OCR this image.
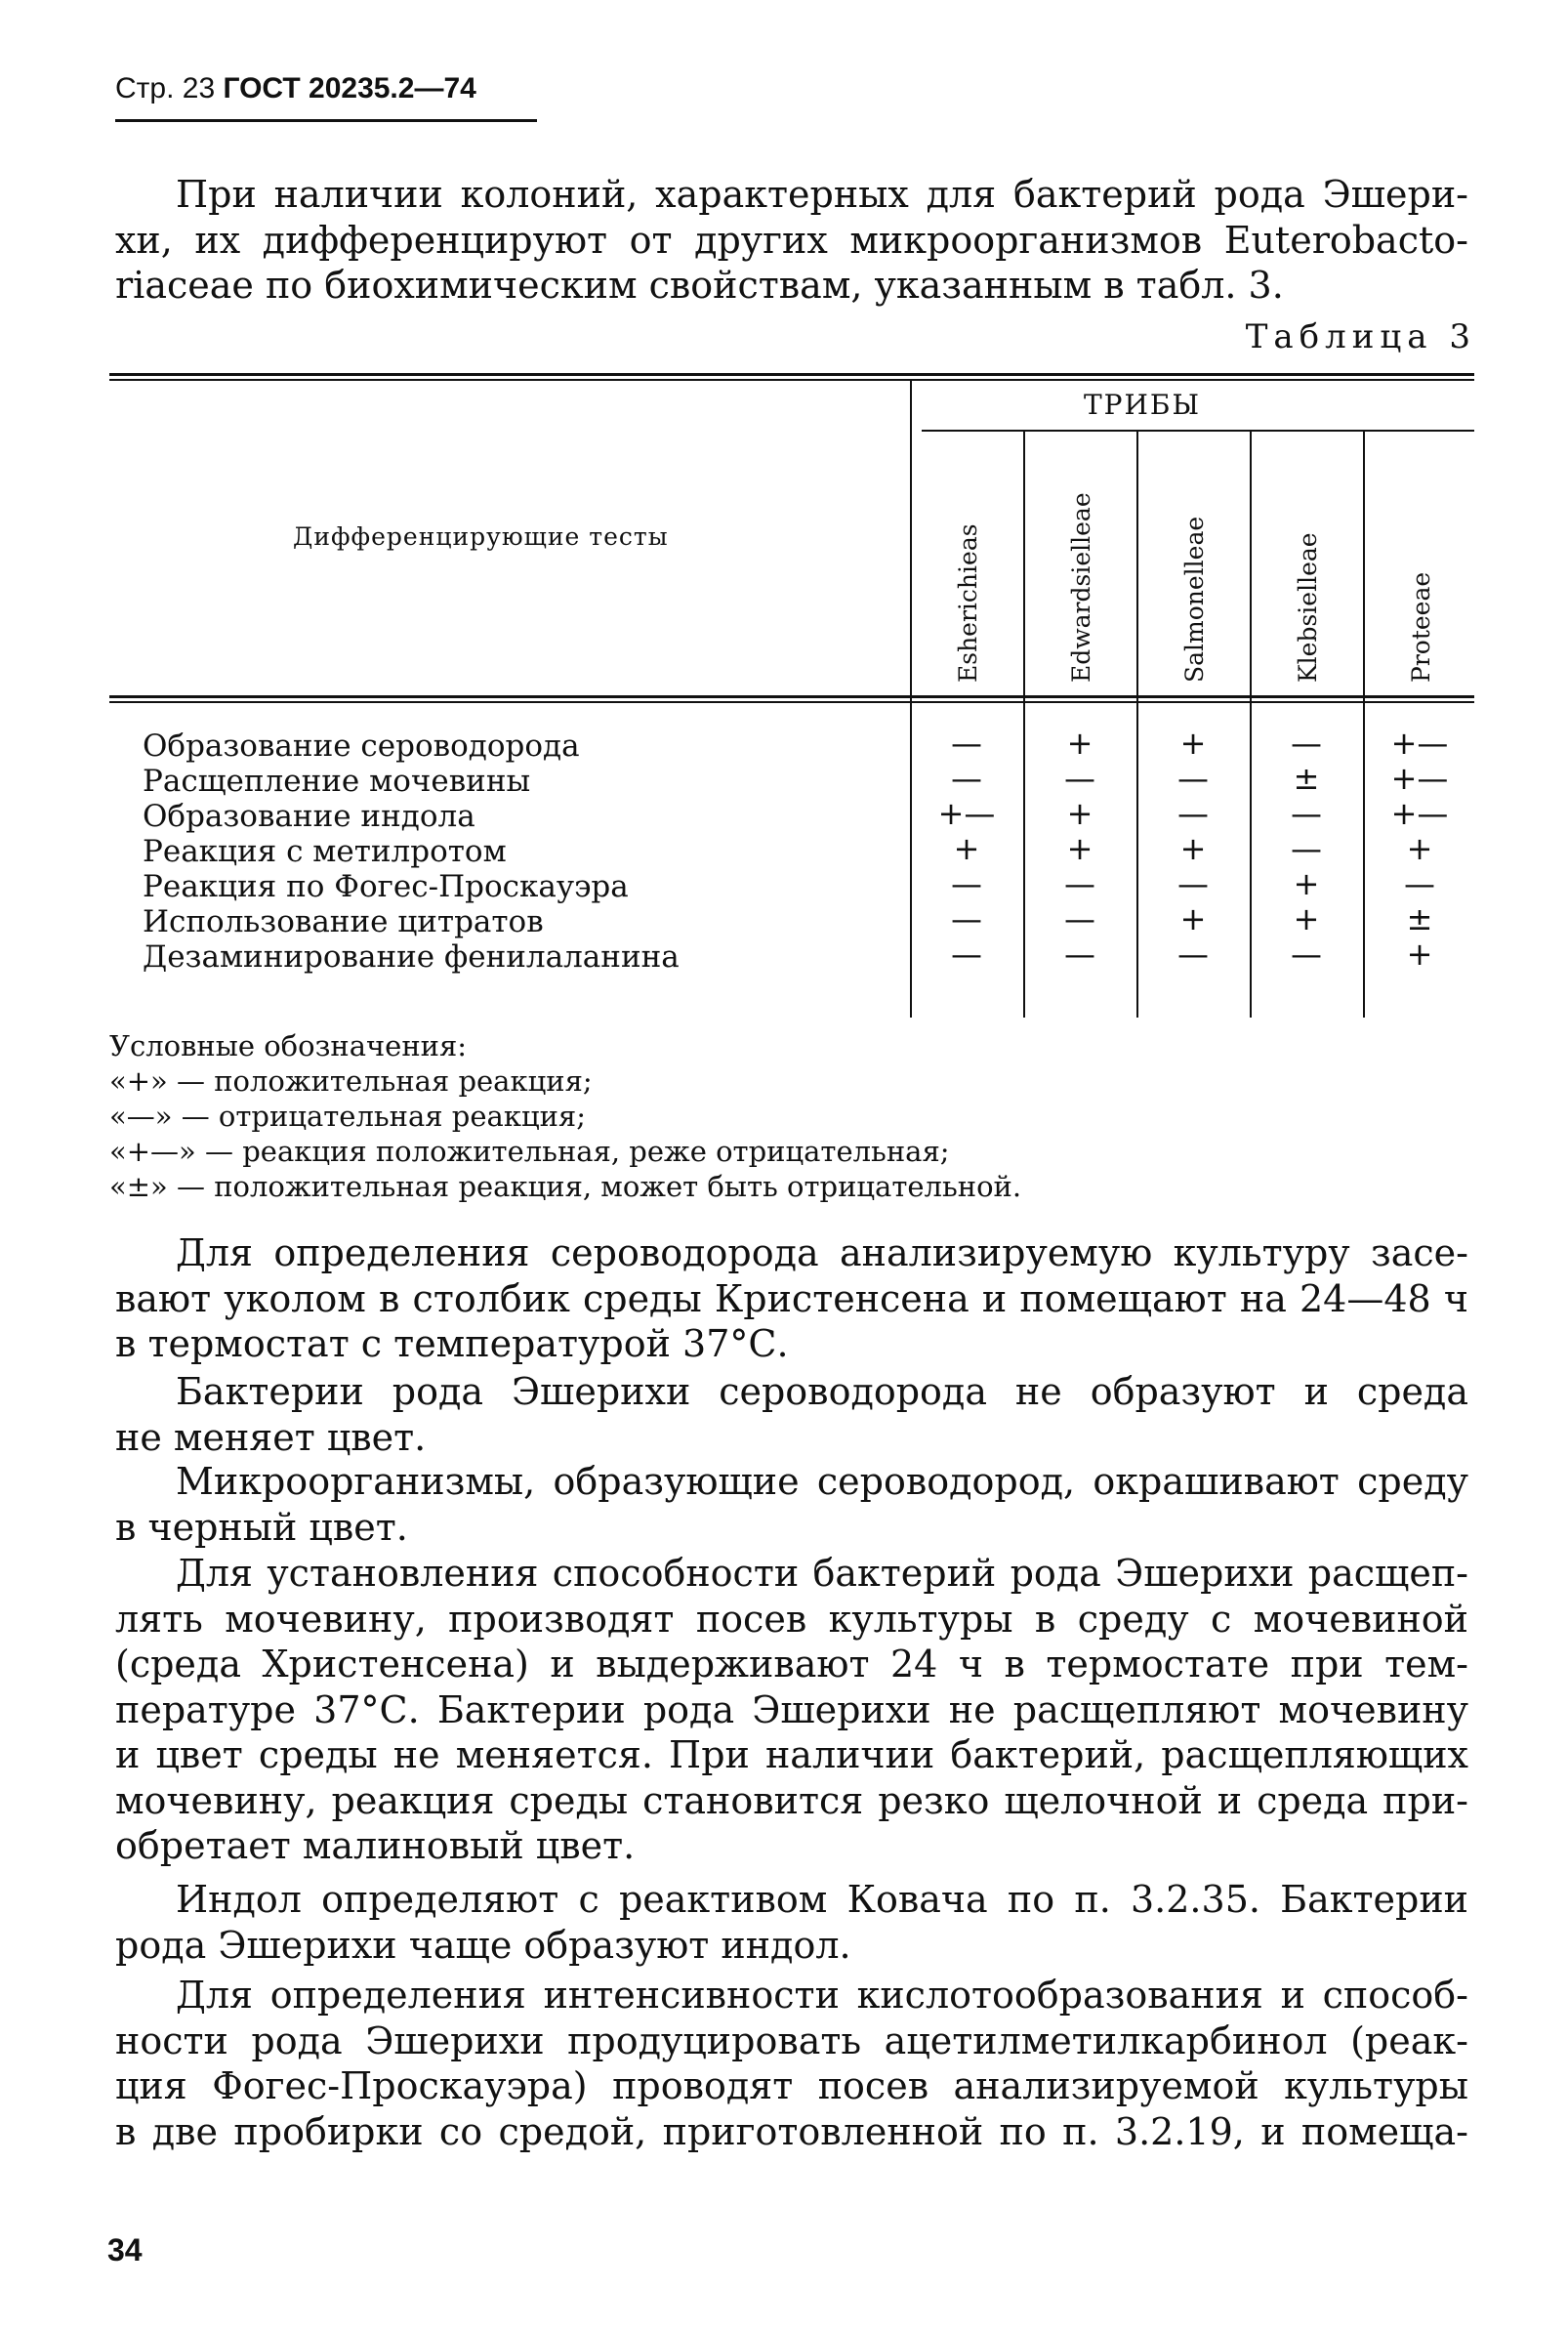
Стр. 23 ГОСТ 20235.2—74
При наличии колоний, характерных для бактерий рода Эшери-
хи, их дифференцируют от других микроорганизмов Euterobacto-
riaceae по биохимическим свойствам, указанным в табл. 3.
Таблица 3
ТРИБЫ
Дифференцирующие тесты	Esherichieas	Edwardsielleae	Salmonelleae	Klebsielleae	Proteeae
Образование сероводорода	—	+	+	—	+—
Расщепление мочевины	—	—	—	±	+—
Образование индола	+—	+	—	—	+—
Реакция с метилротом	+	+	+	—	+
Реакция по Фогес-Проскауэра	—	—	—	+	—
Использование цитратов	—	—	+	+	±
Дезаминирование фенилаланина	—	—	—	—	+
Условные обозначения:
«+» — положительная реакция;
«—» — отрицательная реакция;
«+—» — реакция положительная, реже отрицательная;
«±» — положительная реакция, может быть отрицательной.
Для определения сероводорода анализируемую культуру засе-
вают уколом в столбик среды Кристенсена и помещают на 24—48 ч
в термостат с температурой 37°С.
Бактерии рода Эшерихи сероводорода не образуют и среда
не меняет цвет.
Микроорганизмы, образующие сероводород, окрашивают среду
в черный цвет.
Для установления способности бактерий рода Эшерихи расщеп-
лять мочевину, производят посев культуры в среду с мочевиной
(среда Христенсена) и выдерживают 24 ч в термостате при тем-
пературе 37°С. Бактерии рода Эшерихи не расщепляют мочевину
и цвет среды не меняется. При наличии бактерий, расщепляющих
мочевину, реакция среды становится резко щелочной и среда при-
обретает малиновый цвет.
Индол определяют с реактивом Ковача по п. 3.2.35. Бактерии
рода Эшерихи чаще образуют индол.
Для определения интенсивности кислотообразования и способ-
ности рода Эшерихи продуцировать ацетилметилкарбинол (реак-
ция Фогес-Проскауэра) проводят посев анализируемой культуры
в две пробирки со средой, приготовленной по п. 3.2.19, и помеща-
34
